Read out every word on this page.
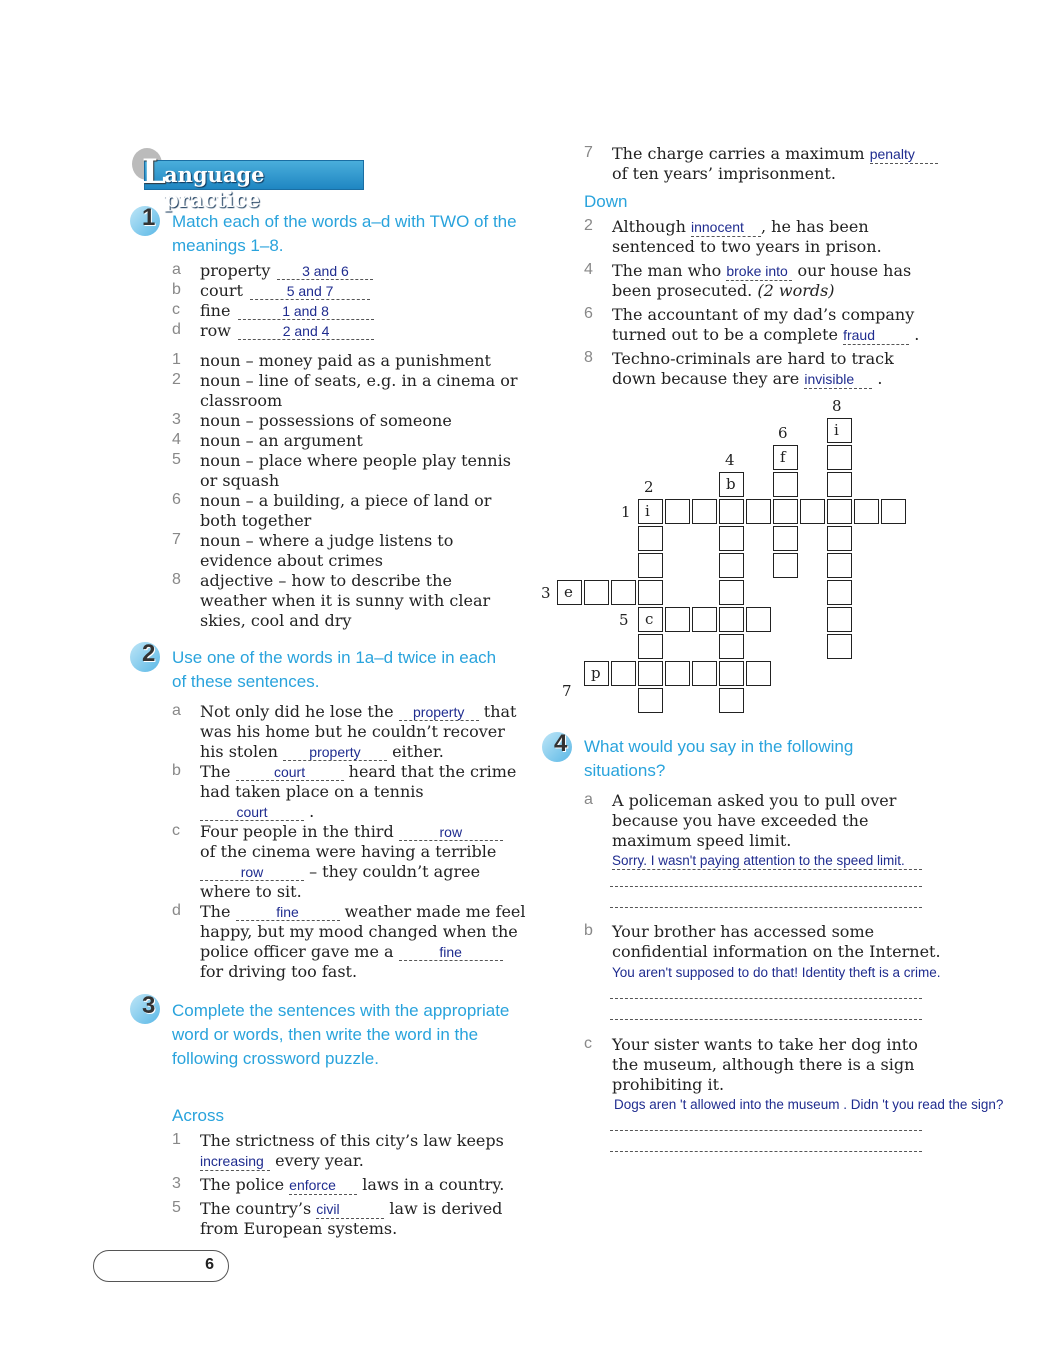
L
anguage practice
1 Match each of the words a–d with TWO of the meanings 1–8.
a	property 3 and 6
b	court	5 and 7
c	fine	1 and 8
d	row	2 and 4
1	noun – money paid as a punishment
2	noun – line of seats, e.g. in a cinema or classroom
3	noun – possessions of someone
4	noun – an argument
5	noun – place where people play tennis or squash
6	noun – a building, a piece of land or both together
7	noun – where a judge listens to evidence about crimes
8	adjective – how to describe the weather when it is sunny with clear skies, cool and dry
2 Use one of the words in 1a–d twice in each of these sentences.
a	Not only did he lose the property that was his home but he couldn’t recover his stolen property either.
b	The	court	heard that the crime had taken place on a tennis court	.
c	Four people in the third	row of the cinema were having a terrible row	– they couldn’t agree where to sit.
d	The	fine	weather made me feel happy, but my mood changed when the police officer gave me a	fine for driving too fast.
3 Complete the sentences with the appropriate word or words, then write the word in the following crossword puzzle.
Across
1	The strictness of this city’s law keeps increasing every year.
3	The police enforce laws in a country.
5	The country’s civil	law is derived from European systems.
7	The charge carries a maximum penalty of ten years’ imprisonment.
Down
2	Although innocent , he has been sentenced to two years in prison.
4	The man who broke into our house has been prosecuted. (2 words)
6	The accountant of my dad’s company turned out to be a complete fraud .
8	Techno-criminals are hard to track down because they are invisible .
8
6
4
2
1
3
5
7
i
f
b
i
e
c
p
4 What would you say in the following situations?
a	A policeman asked you to pull over because you have exceeded the maximum speed limit.
Sorry. I wasn't paying attention to the speed limit.
b	Your brother has accessed some confidential information on the Internet.
You aren't supposed to do that! Identity theft is a crime.
c	Your sister wants to take her dog into the museum, although there is a sign prohibiting it.
Dogs aren 't allowed into the museum . Didn 't you read the sign?
6
